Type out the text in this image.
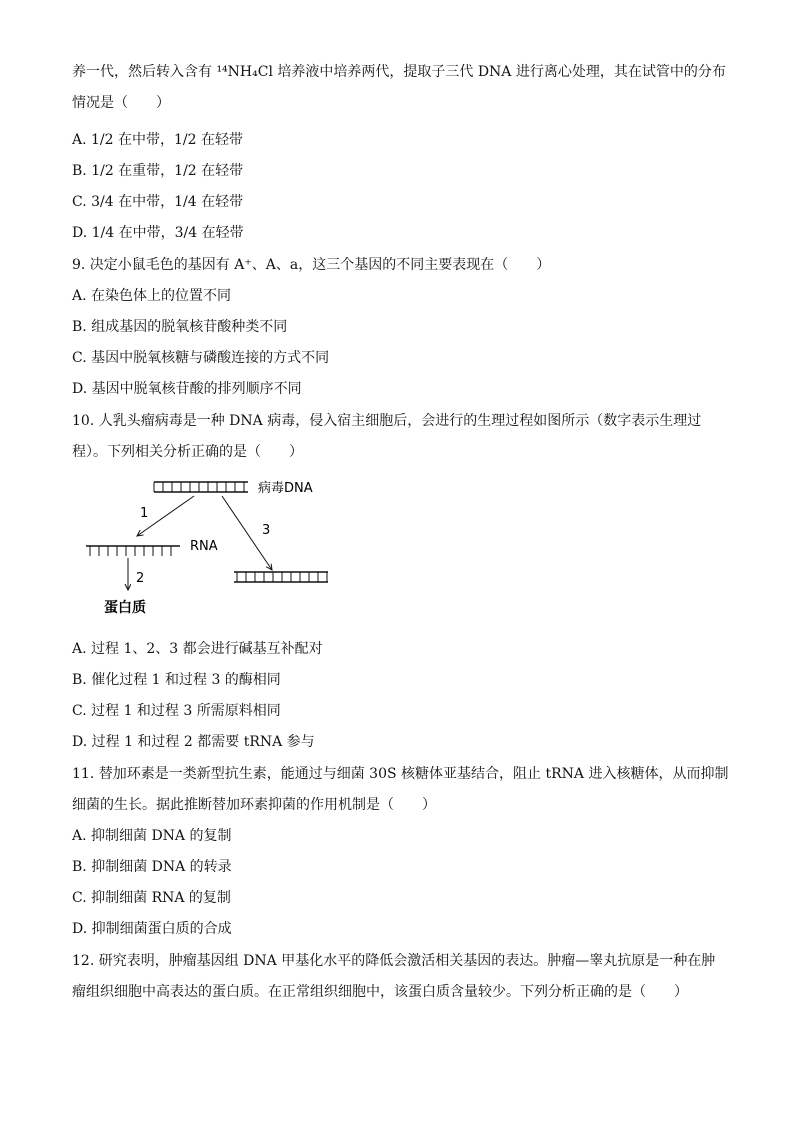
养一代，然后转入含有 ¹⁴NH₄Cl 培养液中培养两代，提取子三代 DNA 进行离心处理，其在试管中的分布
情况是（　　）
A. 1/2 在中带，1/2 在轻带
B. 1/2 在重带，1/2 在轻带
C. 3/4 在中带，1/4 在轻带
D. 1/4 在中带，3/4 在轻带
9. 决定小鼠毛色的基因有 A⁺、A、a，这三个基因的不同主要表现在（　　）
A. 在染色体上的位置不同
B. 组成基因的脱氧核苷酸种类不同
C. 基因中脱氧核糖与磷酸连接的方式不同
D. 基因中脱氧核苷酸的排列顺序不同
10. 人乳头瘤病毒是一种 DNA 病毒，侵入宿主细胞后，会进行的生理过程如图所示（数字表示生理过
程）。下列相关分析正确的是（　　）
病毒DNA
1
3
RNA
2
蛋白质
A. 过程 1、2、3 都会进行碱基互补配对
B. 催化过程 1 和过程 3 的酶相同
C. 过程 1 和过程 3 所需原料相同
D. 过程 1 和过程 2 都需要 tRNA 参与
11. 替加环素是一类新型抗生素，能通过与细菌 30S 核糖体亚基结合，阻止 tRNA 进入核糖体，从而抑制
细菌的生长。据此推断替加环素抑菌的作用机制是（　　）
A. 抑制细菌 DNA 的复制
B. 抑制细菌 DNA 的转录
C. 抑制细菌 RNA 的复制
D. 抑制细菌蛋白质的合成
12. 研究表明，肿瘤基因组 DNA 甲基化水平的降低会激活相关基因的表达。肿瘤—睾丸抗原是一种在肿
瘤组织细胞中高表达的蛋白质。在正常组织细胞中，该蛋白质含量较少。下列分析正确的是（　　）
